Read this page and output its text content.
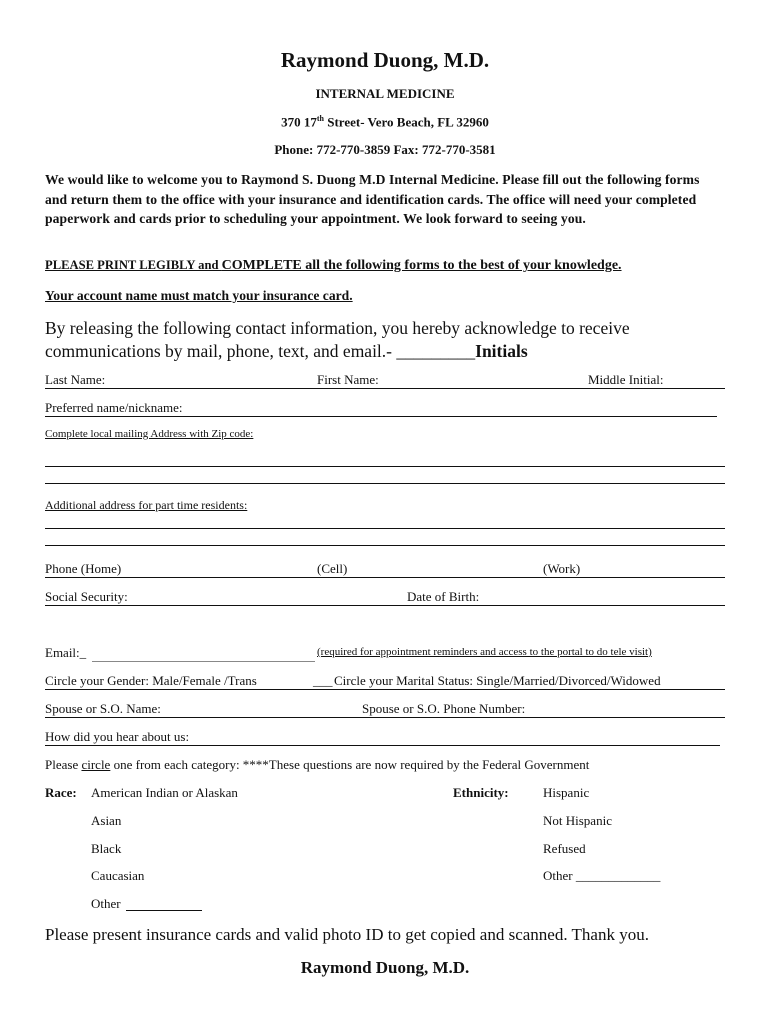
Raymond Duong, M.D.
INTERNAL MEDICINE
370 17th Street- Vero Beach, FL 32960
Phone: 772-770-3859 Fax: 772-770-3581
We would like to welcome you to Raymond S. Duong M.D Internal Medicine. Please fill out the following forms and return them to the office with your insurance and identification cards. The office will need your completed paperwork and cards prior to scheduling your appointment. We look forward to seeing you.
PLEASE PRINT LEGIBLY and COMPLETE all the following forms to the best of your knowledge.
Your account name must match your insurance card.
By releasing the following contact information, you hereby acknowledge to receive communications by mail, phone, text, and email.- _________Initials
Last Name:	First Name:	Middle Initial:
Preferred name/nickname:
Complete local mailing Address with Zip code:
Additional address for part time residents:
Phone (Home)	(Cell)	(Work)
Social Security:	Date of Birth:
Email:_	(required for appointment reminders and access to the portal to do tele visit)
Circle your Gender: Male/Female /Trans	___ Circle your Marital Status: Single/Married/Divorced/Widowed
Spouse or S.O. Name:	Spouse or S.O. Phone Number:
How did you hear about us:
Please circle one from each category: ****These questions are now required by the Federal Government
Race: American Indian or Alaskan
Asian
Black
Caucasian
Other
Ethnicity:	Hispanic
Not Hispanic
Refused
Other _____________
Please present insurance cards and valid photo ID to get copied and scanned. Thank you.
Raymond Duong, M.D.
